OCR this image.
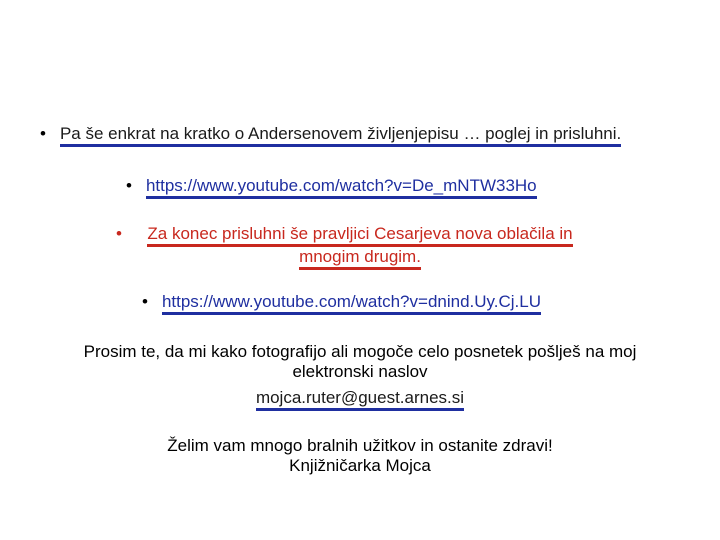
• Pa še enkrat na kratko o Andersenovem življenjepisu … poglej in prisluhni.
• https://www.youtube.com/watch?v=De_mNTW33Ho
•	Za konec prisluhni še pravljici Cesarjeva nova oblačila in
mnogim drugim.
• https://www.youtube.com/watch?v=dnind.Uy.Cj.LU
Prosim te, da mi kako fotografijo ali mogoče celo posnetek pošlješ na moj
elektronski naslov
mojca.ruter@guest.arnes.si
Želim vam mnogo bralnih užitkov in ostanite zdravi!
Knjižničarka Mojca
